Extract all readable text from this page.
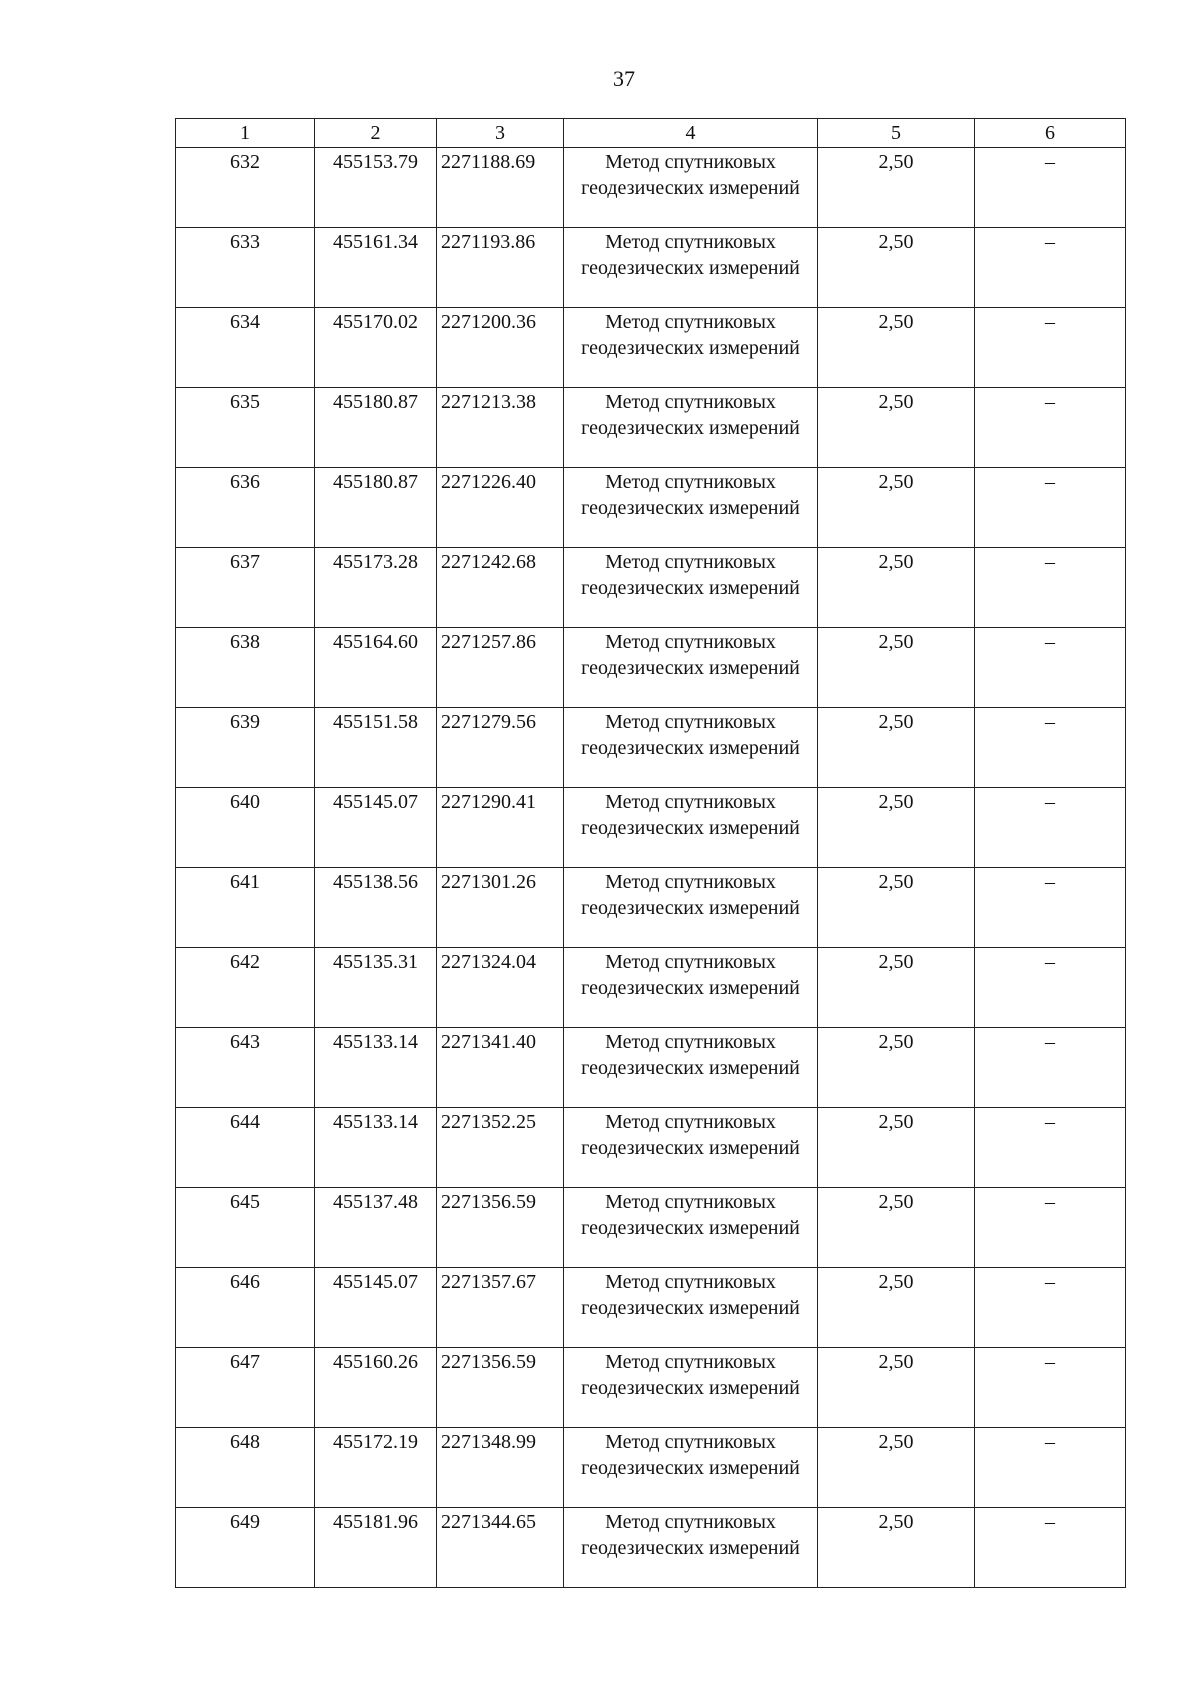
37
1	2	3	4	5	6
632	455153.79	2271188.69	Метод спутниковых геодезических измерений	2,50	–
633	455161.34	2271193.86	Метод спутниковых геодезических измерений	2,50	–
634	455170.02	2271200.36	Метод спутниковых геодезических измерений	2,50	–
635	455180.87	2271213.38	Метод спутниковых геодезических измерений	2,50	–
636	455180.87	2271226.40	Метод спутниковых геодезических измерений	2,50	–
637	455173.28	2271242.68	Метод спутниковых геодезических измерений	2,50	–
638	455164.60	2271257.86	Метод спутниковых геодезических измерений	2,50	–
639	455151.58	2271279.56	Метод спутниковых геодезических измерений	2,50	–
640	455145.07	2271290.41	Метод спутниковых геодезических измерений	2,50	–
641	455138.56	2271301.26	Метод спутниковых геодезических измерений	2,50	–
642	455135.31	2271324.04	Метод спутниковых геодезических измерений	2,50	–
643	455133.14	2271341.40	Метод спутниковых геодезических измерений	2,50	–
644	455133.14	2271352.25	Метод спутниковых геодезических измерений	2,50	–
645	455137.48	2271356.59	Метод спутниковых геодезических измерений	2,50	–
646	455145.07	2271357.67	Метод спутниковых геодезических измерений	2,50	–
647	455160.26	2271356.59	Метод спутниковых геодезических измерений	2,50	–
648	455172.19	2271348.99	Метод спутниковых геодезических измерений	2,50	–
649	455181.96	2271344.65	Метод спутниковых геодезических измерений	2,50	–
